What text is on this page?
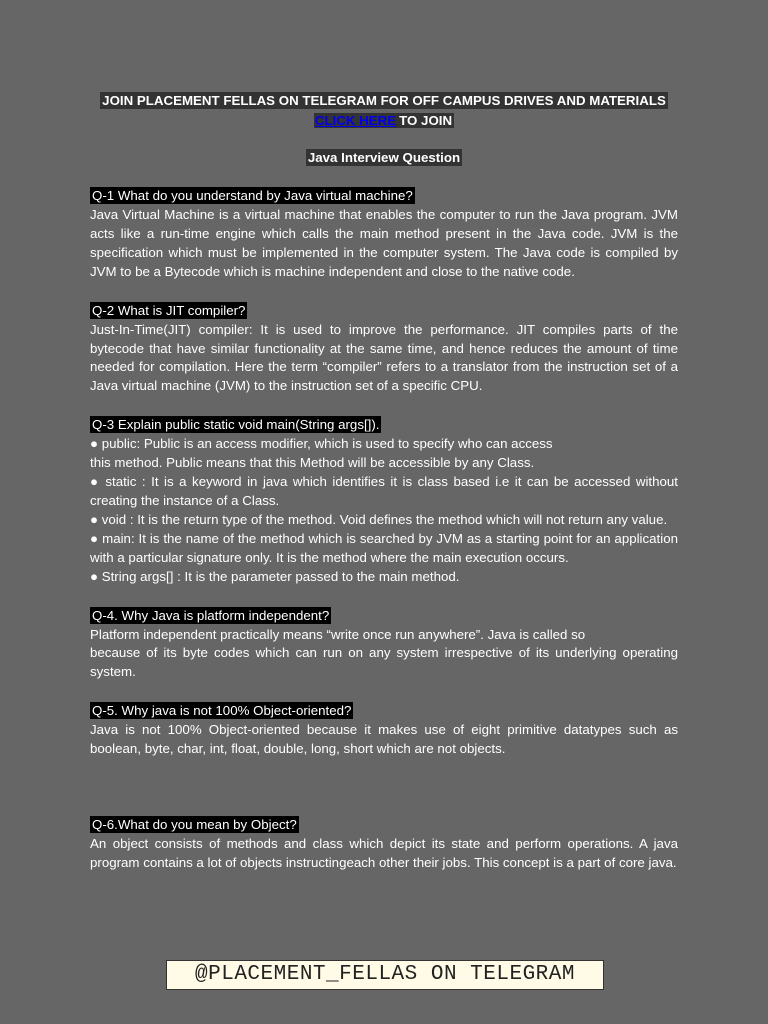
JOIN PLACEMENT FELLAS ON TELEGRAM FOR OFF CAMPUS DRIVES AND MATERIALS
CLICK HERE TO JOIN
Java Interview Question
Q-1 What do you understand by Java virtual machine?

Java Virtual Machine is a virtual machine that enables the computer to run the Java program. JVM acts like a run-time engine which calls the main method present in the Java code. JVM is the specification which must be implemented in the computer system. The Java code is compiled by JVM to be a Bytecode which is machine independent and close to the native code.

Q-2 What is JIT compiler?

Just-In-Time(JIT) compiler: It is used to improve the performance. JIT compiles parts of the bytecode that have similar functionality at the same time, and hence reduces the amount of time needed for compilation. Here the term “compiler” refers to a translator from the instruction set of a Java virtual machine (JVM) to the instruction set of a specific CPU.

Q-3 Explain public static void main(String args[]).

● public: Public is an access modifier, which is used to specify who can access

this method. Public means that this Method will be accessible by any Class.

● static : It is a keyword in java which identifies it is class based i.e it can be accessed without creating the instance of a Class.

● void : It is the return type of the method. Void defines the method which will not return any value.

● main: It is the name of the method which is searched by JVM as a starting point for an application with a particular signature only. It is the method where the main execution occurs.

● String args[] : It is the parameter passed to the main method.

Q-4. Why Java is platform independent?

Platform independent practically means “write once run anywhere”. Java is called so

because of its byte codes which can run on any system irrespective of its underlying operating system.

Q-5. Why java is not 100% Object-oriented?

Java is not 100% Object-oriented because it makes use of eight primitive datatypes such as boolean, byte, char, int, float, double, long, short which are not objects.

Q-6.What do you mean by Object?

An object consists of methods and class which depict its state and perform operations. A java program contains a lot of objects instructingeach other their jobs. This concept is a part of core java.

@PLACEMENT_FELLAS ON TELEGRAM
